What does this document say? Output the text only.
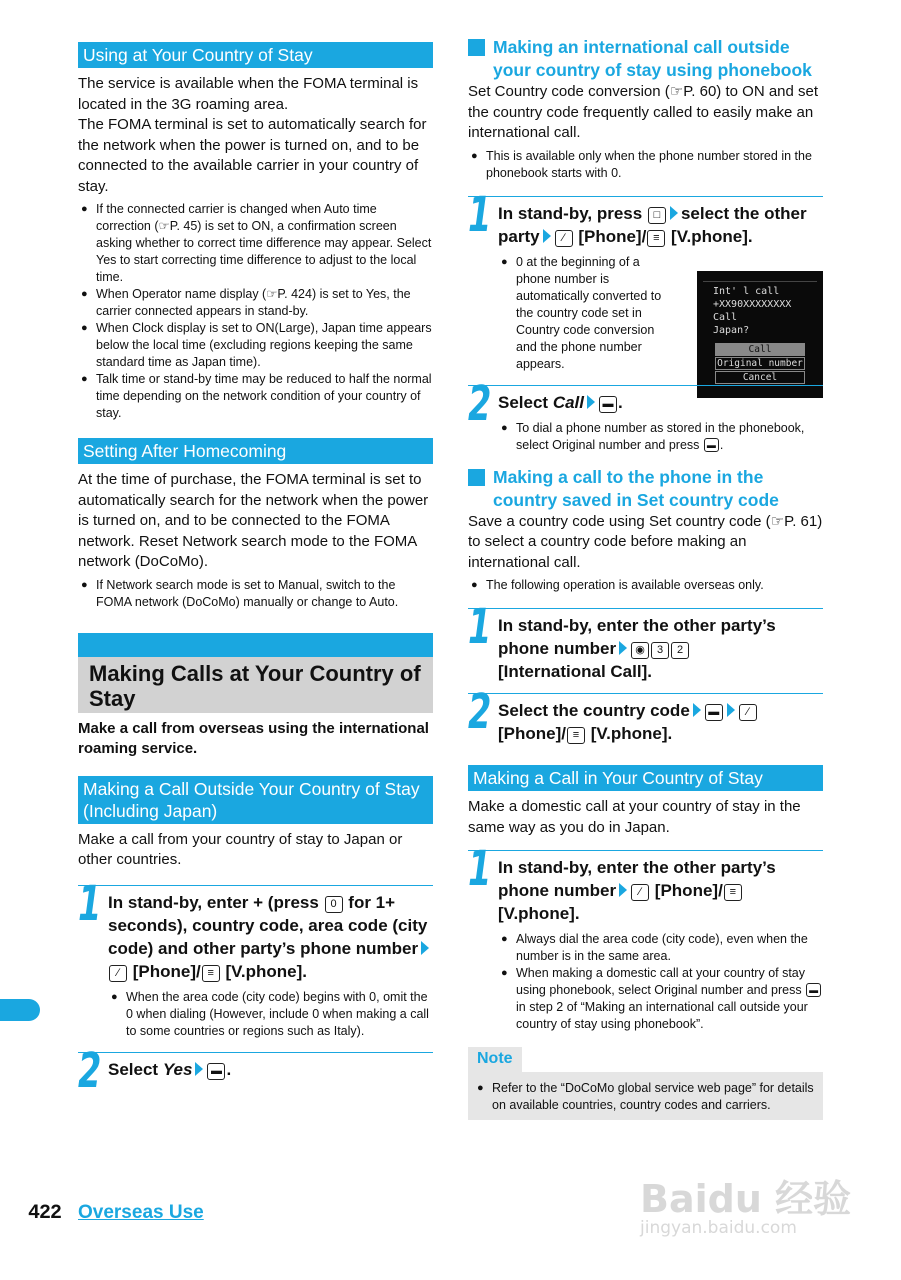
Using at Your Country of Stay

The service is available when the FOMA terminal is located in the 3G roaming area.

The FOMA terminal is set to automatically search for the network when the power is turned on, and to be connected to the available carrier in your country of stay.

● If the connected carrier is changed when Auto time correction (☞P. 45) is set to ON, a confirmation screen asking whether to correct time difference may appear. Select Yes to start correcting time difference to adjust to the local time.
● When Operator name display (☞P. 424) is set to Yes, the carrier connected appears in stand-by.
● When Clock display is set to ON(Large), Japan time appears below the local time (excluding regions keeping the same standard time as Japan time).
● Talk time or stand-by time may be reduced to half the normal time depending on the network condition of your country of stay.
Setting After Homecoming

At the time of purchase, the FOMA terminal is set to automatically search for the network when the power is turned on, and to be connected to the FOMA network. Reset Network search mode to the FOMA network (DoCoMo).

● If Network search mode is set to Manual, switch to the FOMA network (DoCoMo) manually or change to Auto.
Making Calls at Your Country of Stay
Make a call from overseas using the international roaming service.
Making a Call Outside Your Country of Stay (Including Japan)

Make a call from your country of stay to Japan or other countries.

1 In stand-by, enter + (press 0 for 1+ seconds), country code, area code (city code) and other party’s phone number∕ [Phone]/ ≡ [V.phone].
● When the area code (city code) begins with 0, omit the 0 when dialing (However, include 0 when making a call to some countries or regions such as Italy).
2 Select Yes ▬ .
Making an international call outside your country of stay using phonebook

Set Country code conversion (☞P. 60) to ON and set the country code frequently called to easily make an international call.

● This is available only when the phone number stored in the phonebook starts with 0.
1 In stand-by, press □ select the other party ∕ [Phone]/ ≡ [V.phone].
● 0 at the beginning of a phone number is automatically converted to the country code set in Country code conversion and the phone number appears.
Int' l call
+XX90XXXXXXXX
Call
Japan?
Call
Original number
Cancel
2 Select Call ▬ .
● To dial a phone number as stored in the phonebook, select Original number and press ▬ .
Making a call to the phone in the country saved in Set country code

Save a country code using Set country code (☞P. 61) to select a country code before making an international call.

● The following operation is available overseas only.
1 In stand-by, enter the other party’s phone number ◉ 3 2
[International Call].
2 Select the country code ▬	∕
[Phone]/ ≡ [V.phone].
Making a Call in Your Country of Stay

Make a domestic call at your country of stay in the same way as you do in Japan.

1 In stand-by, enter the other party’s phone number ∕ [Phone]/ ≡
[V.phone].
● Always dial the area code (city code), even when the number is in the same area.
● When making a domestic call at your country of stay using phonebook, select Original number and press ▬ in step 2 of “Making an international call outside your country of stay using phonebook”.
Note
● Refer to the “DoCoMo global service web page” for details on available countries, country codes and carriers.
422 Overseas Use	Baidu 经验
jingyan.baidu.com
